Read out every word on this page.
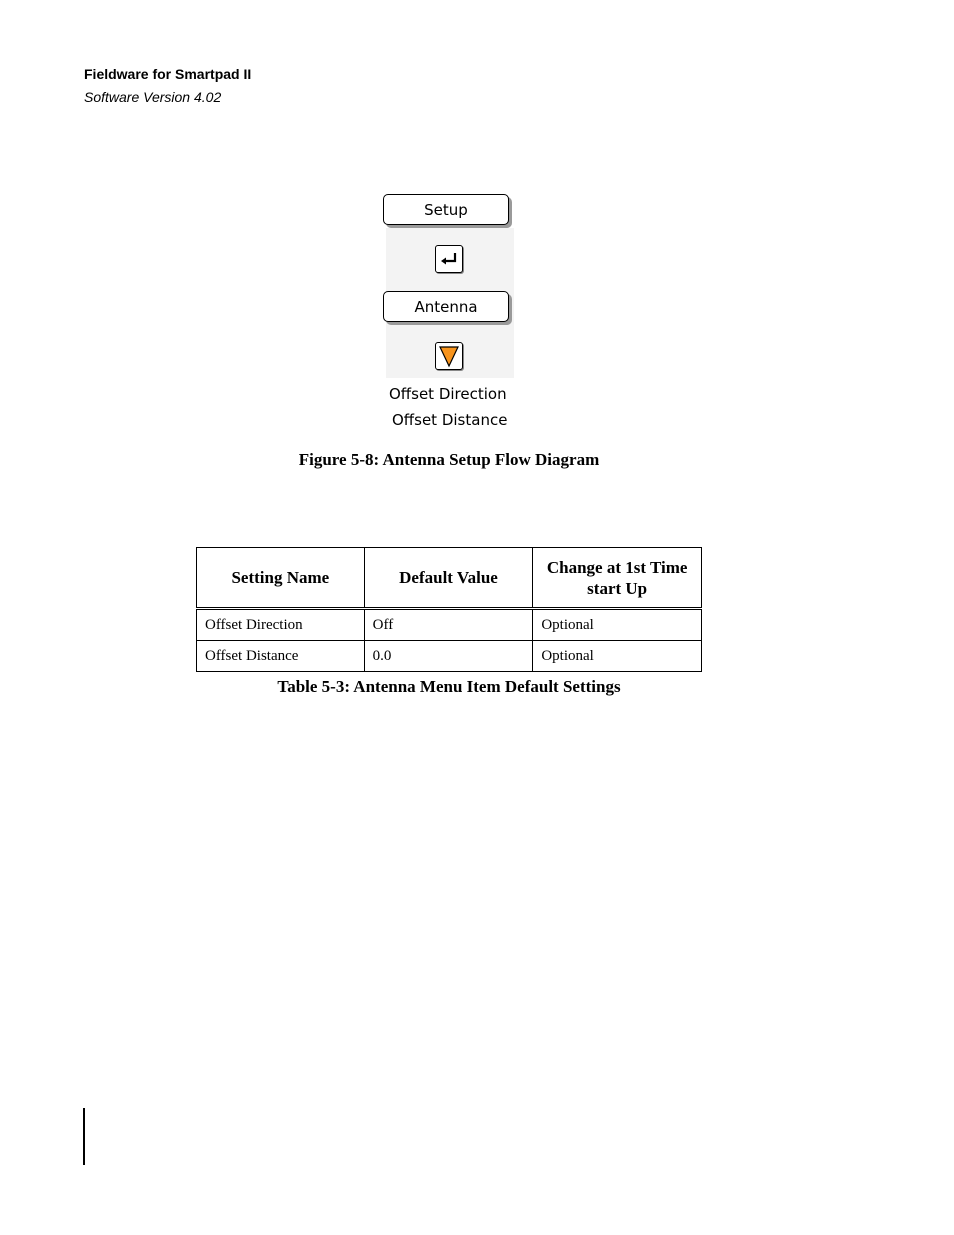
Fieldware for Smartpad II
Software Version 4.02
Setup
Antenna
Offset Direction
Offset Distance
Figure 5-8: Antenna Setup Flow Diagram
Setting Name	Default Value	Change at 1st Time start Up
Offset Direction	Off	Optional
Offset Distance	0.0	Optional
Table 5-3: Antenna Menu Item Default Settings
